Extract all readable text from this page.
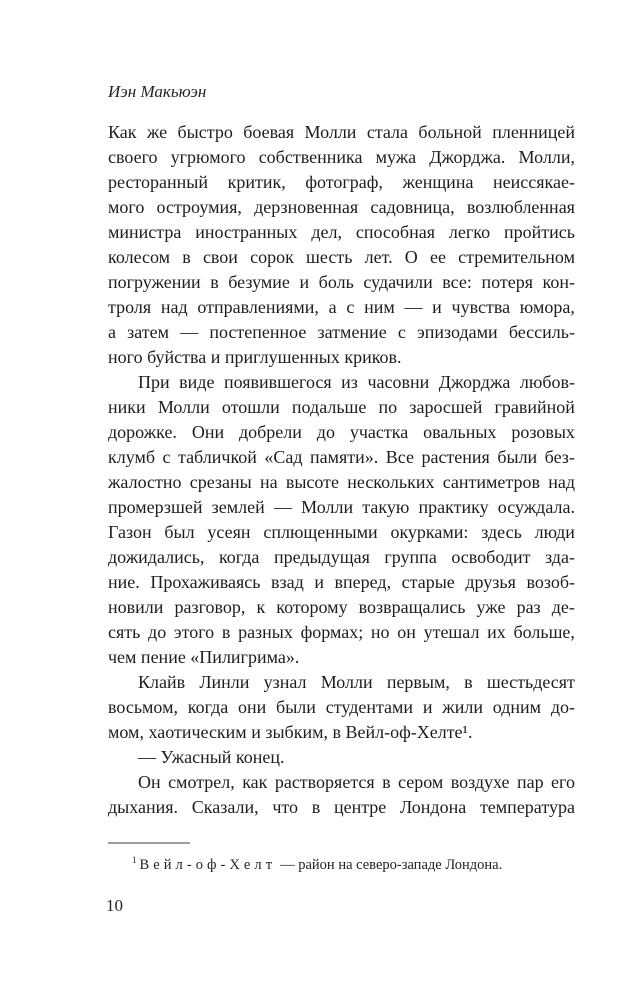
Иэн Макьюэн
Как же быстро боевая Молли стала больной пленницей
своего угрюмого собственника мужа Джорджа. Молли,
ресторанный критик, фотограф, женщина неиссякае-
мого остроумия, дерзновенная садовница, возлюбленная
министра иностранных дел, способная легко пройтись
колесом в свои сорок шесть лет. О ее стремительном
погружении в безумие и боль судачили все: потеря кон-
троля над отправлениями, а с ним — и чувства юмора,
а затем — постепенное затмение с эпизодами бессиль-
ного буйства и приглушенных криков.
При виде появившегося из часовни Джорджа любов-
ники Молли отошли подальше по заросшей гравийной
дорожке. Они добрели до участка овальных розовых
клумб с табличкой «Сад памяти». Все растения были без-
жалостно срезаны на высоте нескольких сантиметров над
промерзшей землей — Молли такую практику осуждала.
Газон был усеян сплющенными окурками: здесь люди
дожидались, когда предыдущая группа освободит зда-
ние. Прохаживаясь взад и вперед, старые друзья возоб-
новили разговор, к которому возвращались уже раз де-
сять до этого в разных формах; но он утешал их больше,
чем пение «Пилигрима».
Клайв Линли узнал Молли первым, в шестьдесят
восьмом, когда они были студентами и жили одним до-
мом, хаотическим и зыбким, в Вейл-оф-Хелте¹.
— Ужасный конец.
Он смотрел, как растворяется в сером воздухе пар его
дыхания. Сказали, что в центре Лондона температура
$^1$ Вейл-оф-Хелт — район на северо-западе Лондона.
10
